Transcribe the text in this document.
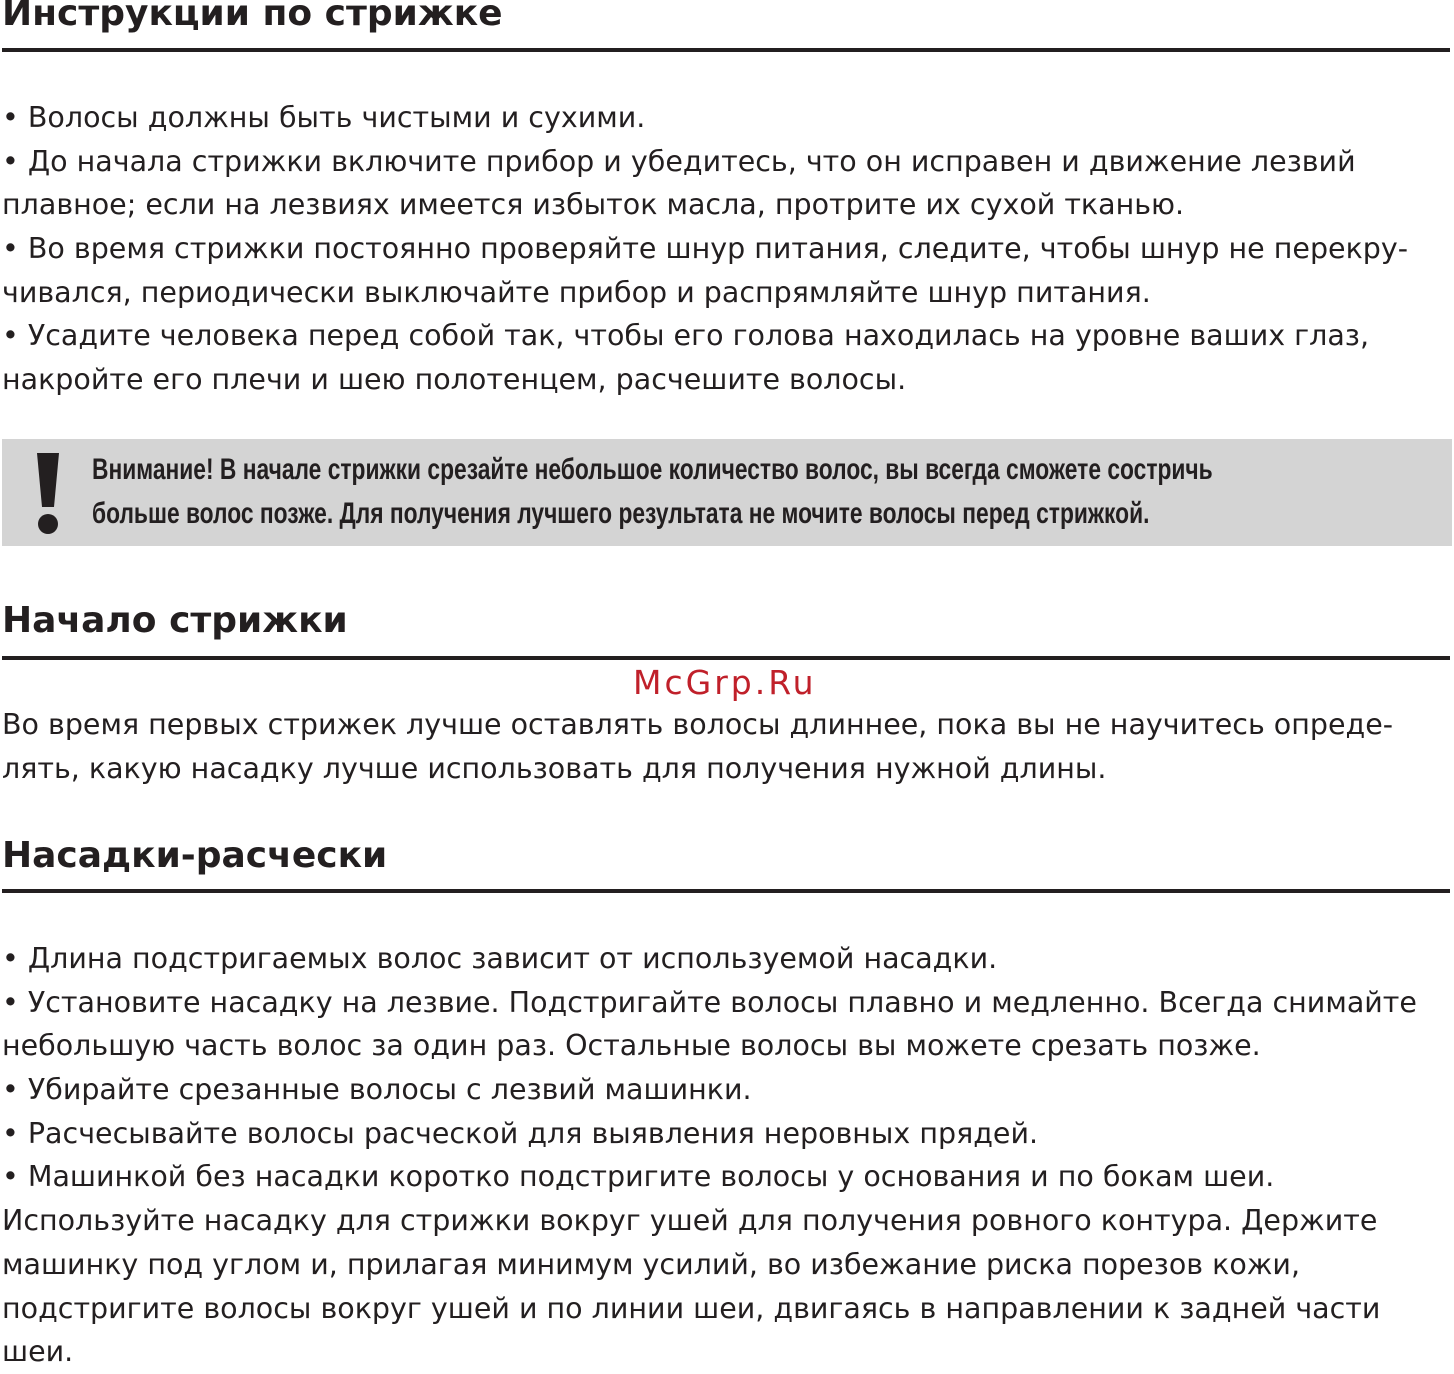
Инструкции по стрижке
• Волосы должны быть чистыми и сухими.
• До начала стрижки включите прибор и убедитесь, что он исправен и движение лезвий
плавное; если на лезвиях имеется избыток масла, протрите их сухой тканью.
• Во время стрижки постоянно проверяйте шнур питания, следите, чтобы шнур не перекру-
чивался, периодически выключайте прибор и распрямляйте шнур питания.
• Усадите человека перед собой так, чтобы его голова находилась на уровне ваших глаз,
накройте его плечи и шею полотенцем, расчешите волосы.
Внимание! В начале стрижки срезайте небольшое количество волос, вы всегда сможете состричь
больше волос позже. Для получения лучшего результата не мочите волосы перед стрижкой.
Начало стрижки
McGrp.Ru
Во время первых стрижек лучше оставлять волосы длиннее, пока вы не научитесь опреде-
лять, какую насадку лучше использовать для получения нужной длины.
Насадки-расчески
• Длина подстригаемых волос зависит от используемой насадки.
• Установите насадку на лезвие. Подстригайте волосы плавно и медленно. Всегда снимайте
небольшую часть волос за один раз. Остальные волосы вы можете срезать позже.
• Убирайте срезанные волосы с лезвий машинки.
• Расчесывайте волосы расческой для выявления неровных прядей.
• Машинкой без насадки коротко подстригите волосы у основания и по бокам шеи.
Используйте насадку для стрижки вокруг ушей для получения ровного контура. Держите
машинку под углом и, прилагая минимум усилий, во избежание риска порезов кожи,
подстригите волосы вокруг ушей и по линии шеи, двигаясь в направлении к задней части
шеи.
